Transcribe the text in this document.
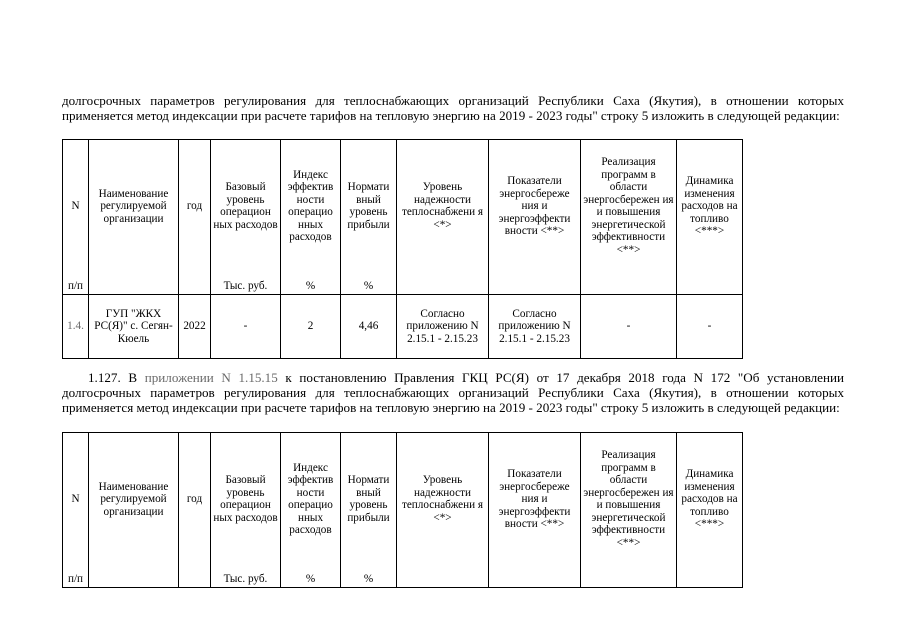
долгосрочных параметров регулирования для теплоснабжающих организаций Республики Саха (Якутия), в отношении которых применяется метод индексации при расчете тарифов на тепловую энергию на 2019 - 2023 годы" строку 5 изложить в следующей редакции:

N	Наименование регулируемой организации	год	Базовый уровень операцион ных расходов	Индекс эффектив ности операцио нных расходов	Нормати вный уровень прибыли	Уровень надежности теплоснабжени я <*>	Показатели энергосбереже ния и энергоэффекти вности <**>	Реализация программ в области энергосбережен ия и повышения энергетической эффективности <**>	Динамика изменения расходов на топливо <***>
п/п			Тыс. руб.	%	%				
1.4.	ГУП "ЖКХ РС(Я)" с. Сегян-Кюель	2022	-	2	4,46	Согласно приложению N 2.15.1 - 2.15.23	Согласно приложению N 2.15.1 - 2.15.23	-	-

1.127. В приложении N 1.15.15 к постановлению Правления ГКЦ РС(Я) от 17 декабря 2018 года N 172 "Об установлении долгосрочных параметров регулирования для теплоснабжающих организаций Республики Саха (Якутия), в отношении которых применяется метод индексации при расчете тарифов на тепловую энергию на 2019 - 2023 годы" строку 5 изложить в следующей редакции:

N	Наименование регулируемой организации	год	Базовый уровень операцион ных расходов	Индекс эффектив ности операцио нных расходов	Нормати вный уровень прибыли	Уровень надежности теплоснабжени я <*>	Показатели энергосбереже ния и энергоэффекти вности <**>	Реализация программ в области энергосбережен ия и повышения энергетической эффективности <**>	Динамика изменения расходов на топливо <***>
п/п			Тыс. руб.	%	%				
